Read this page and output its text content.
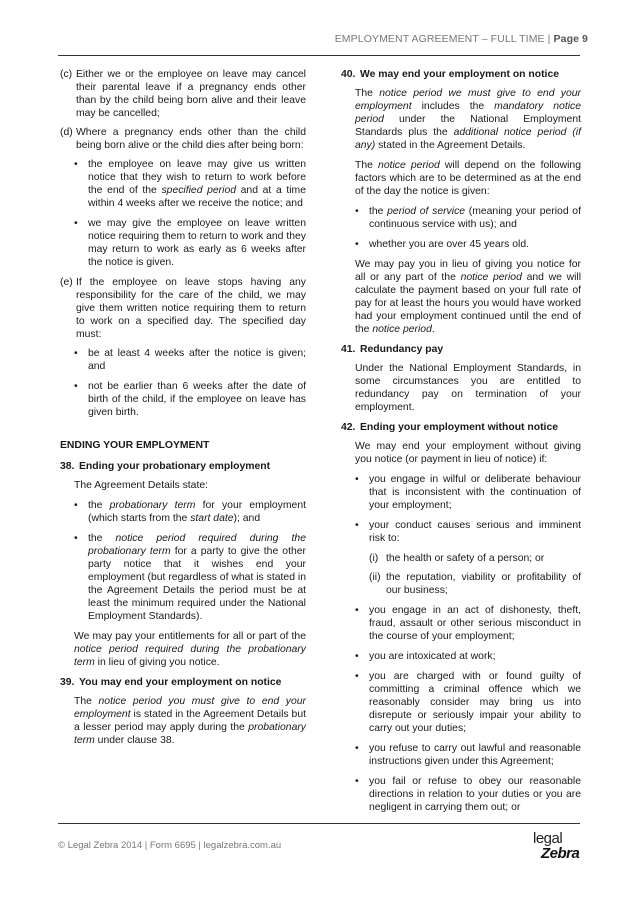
EMPLOYMENT AGREEMENT – FULL TIME | Page 9
(c) Either we or the employee on leave may cancel their parental leave if a pregnancy ends other than by the child being born alive and their leave may be cancelled;
(d) Where a pregnancy ends other than the child being born alive or the child dies after being born:
• the employee on leave may give us written notice that they wish to return to work before the end of the specified period and at a time within 4 weeks after we receive the notice; and
• we may give the employee on leave written notice requiring them to return to work and they may return to work as early as 6 weeks after the notice is given.
(e) If the employee on leave stops having any responsibility for the care of the child, we may give them written notice requiring them to return to work on a specified day. The specified day must:
• be at least 4 weeks after the notice is given; and
• not be earlier than 6 weeks after the date of birth of the child, if the employee on leave has given birth.
ENDING YOUR EMPLOYMENT
38. Ending your probationary employment

The Agreement Details state:

• the probationary term for your employment (which starts from the start date); and
• the notice period required during the probationary term for a party to give the other party notice that it wishes end your employment (but regardless of what is stated in the Agreement Details the period must be at least the minimum required under the National Employment Standards).

We may pay your entitlements for all or part of the notice period required during the probationary term in lieu of giving you notice.

39. You may end your employment on notice

The notice period you must give to end your employment is stated in the Agreement Details but a lesser period may apply during the probationary term under clause 38.

40. We may end your employment on notice

The notice period we must give to end your employment includes the mandatory notice period under the National Employment Standards plus the additional notice period (if any) stated in the Agreement Details.

The notice period will depend on the following factors which are to be determined as at the end of the day the notice is given:

• the period of service (meaning your period of continuous service with us); and
• whether you are over 45 years old.

We may pay you in lieu of giving you notice for all or any part of the notice period and we will calculate the payment based on your full rate of pay for at least the hours you would have worked had your employment continued until the end of the notice period.

41. Redundancy pay

Under the National Employment Standards, in some circumstances you are entitled to redundancy pay on termination of your employment.

42. Ending your employment without notice

We may end your employment without giving you notice (or payment in lieu of notice) if:

• you engage in wilful or deliberate behaviour that is inconsistent with the continuation of your employment;
• your conduct causes serious and imminent risk to:
(i) the health or safety of a person; or
(ii) the reputation, viability or profitability of our business;
• you engage in an act of dishonesty, theft, fraud, assault or other serious misconduct in the course of your employment;
• you are intoxicated at work;
• you are charged with or found guilty of committing a criminal offence which we reasonably consider may bring us into disrepute or seriously impair your ability to carry out your duties;
• you refuse to carry out lawful and reasonable instructions given under this Agreement;
• you fail or refuse to obey our reasonable directions in relation to your duties or you are negligent in carrying them out; or
© Legal Zebra 2014 | Form 6695 | legalzebra.com.au	legal
Zebra
